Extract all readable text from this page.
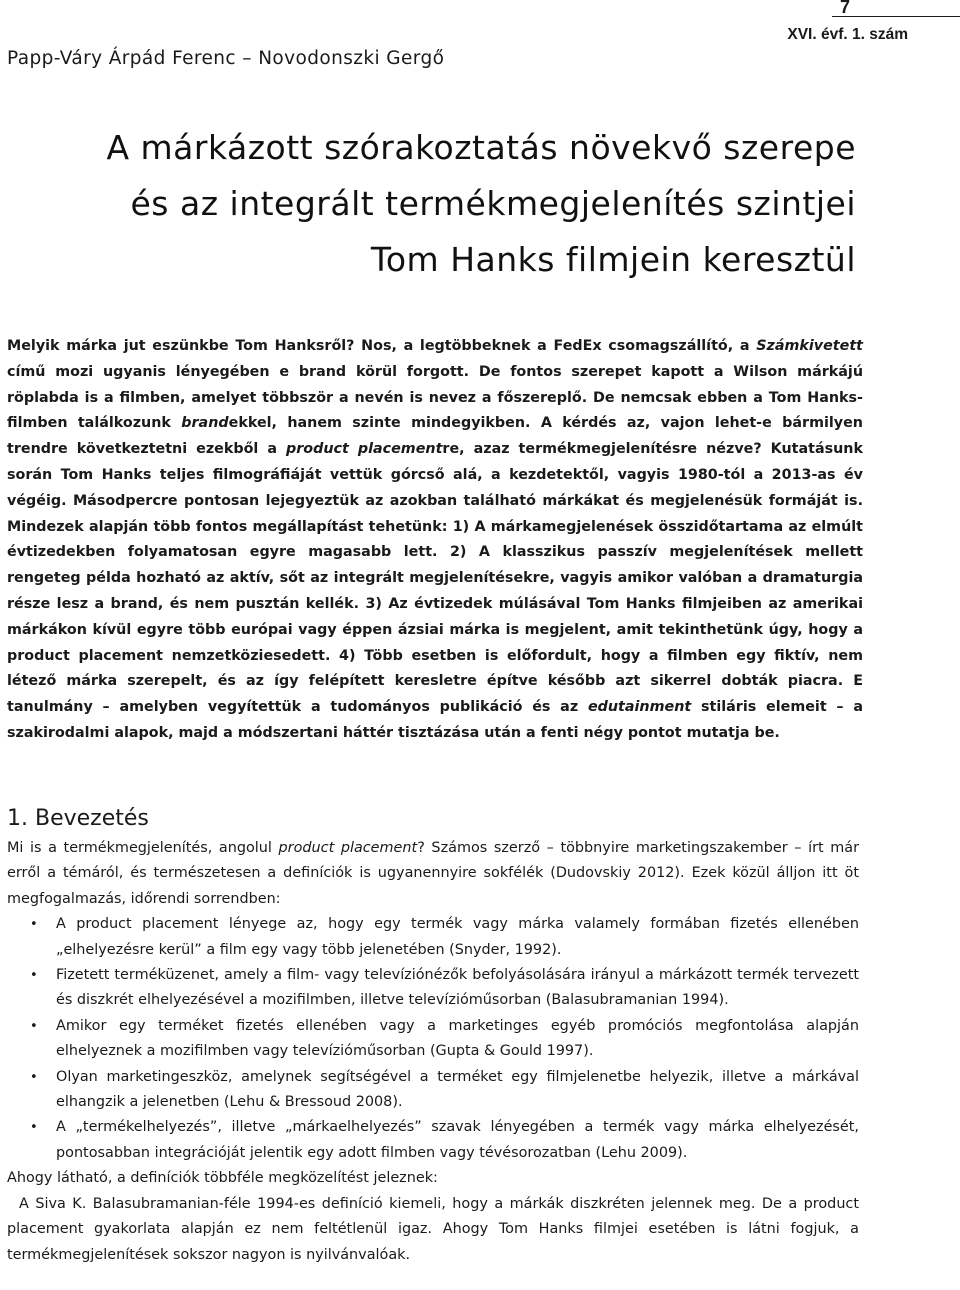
Papp-Váry Árpád Ferenc – Novodonszki Gergő
7
XVI. évf. 1. szám
A márkázott szórakoztatás növekvő szerepe
és az integrált termékmegjelenítés szintjei
Tom Hanks filmjein keresztül
Melyik márka jut eszünkbe Tom Hanksről? Nos, a legtöbbeknek a FedEx csomagszállító, a Számkivetett című mozi ugyanis lényegében e brand körül forgott. De fontos szerepet kapott a Wilson márkájú röplabda is a filmben, amelyet többször a nevén is nevez a főszereplő. De nemcsak ebben a Tom Hanks-filmben találkozunk brandekkel, hanem szinte mindegyikben. A kérdés az, vajon lehet-e bármilyen trendre következtetni ezekből a product placementre, azaz termékmegjelenítésre nézve? Kutatásunk során Tom Hanks teljes filmográfiáját vettük górcső alá, a kezdetektől, vagyis 1980-tól a 2013-as év végéig. Másodpercre pontosan lejegyeztük az azokban található márkákat és megjelenésük formáját is. Mindezek alapján több fontos megállapítást tehetünk: 1) A márkamegjelenések összidőtartama az elmúlt évtizedekben folyamatosan egyre magasabb lett. 2) A klasszikus passzív megjelenítések mellett rengeteg példa hozható az aktív, sőt az integrált megjelenítésekre, vagyis amikor valóban a dramaturgia része lesz a brand, és nem pusztán kellék. 3) Az évtizedek múlásával Tom Hanks filmjeiben az amerikai márkákon kívül egyre több európai vagy éppen ázsiai márka is megjelent, amit tekinthetünk úgy, hogy a product placement nemzetköziesedett. 4) Több esetben is előfordult, hogy a filmben egy fiktív, nem létező márka szerepelt, és az így felépített keresletre építve később azt sikerrel dobták piacra. E tanulmány – amelyben vegyítettük a tudományos publikáció és az edutainment stiláris elemeit – a szakirodalmi alapok, majd a módszertani háttér tisztázása után a fenti négy pontot mutatja be.
1. Bevezetés

Mi is a termékmegjelenítés, angolul product placement? Számos szerző – többnyire marketingszakember – írt már erről a témáról, és természetesen a definíciók is ugyanennyire sokfélék (Dudovskiy 2012). Ezek közül álljon itt öt megfogalmazás, időrendi sorrendben:

• A product placement lényege az, hogy egy termék vagy márka valamely formában fizetés ellenében „elhelyezésre kerül” a film egy vagy több jelenetében (Snyder, 1992).
• Fizetett terméküzenet, amely a film- vagy televíziónézők befolyásolására irányul a márkázott termék tervezett és diszkrét elhelyezésével a mozifilmben, illetve televízióműsorban (Balasubramanian 1994).
• Amikor egy terméket fizetés ellenében vagy a marketinges egyéb promóciós megfontolása alapján elhelyeznek a mozifilmben vagy televízióműsorban (Gupta & Gould 1997).
• Olyan marketingeszköz, amelynek segítségével a terméket egy filmjelenetbe helyezik, illetve a márkával elhangzik a jelenetben (Lehu & Bressoud 2008).
• A „termékelhelyezés”, illetve „márkaelhelyezés” szavak lényegében a termék vagy márka elhelyezését, pontosabban integrációját jelentik egy adott filmben vagy tévésorozatban (Lehu 2009).

Ahogy látható, a definíciók többféle megközelítést jeleznek:

A Siva K. Balasubramanian-féle 1994-es definíció kiemeli, hogy a márkák diszkréten jelennek meg. De a product placement gyakorlata alapján ez nem feltétlenül igaz. Ahogy Tom Hanks filmjei esetében is látni fogjuk, a termékmegjelenítések sokszor nagyon is nyilvánvalóak.
